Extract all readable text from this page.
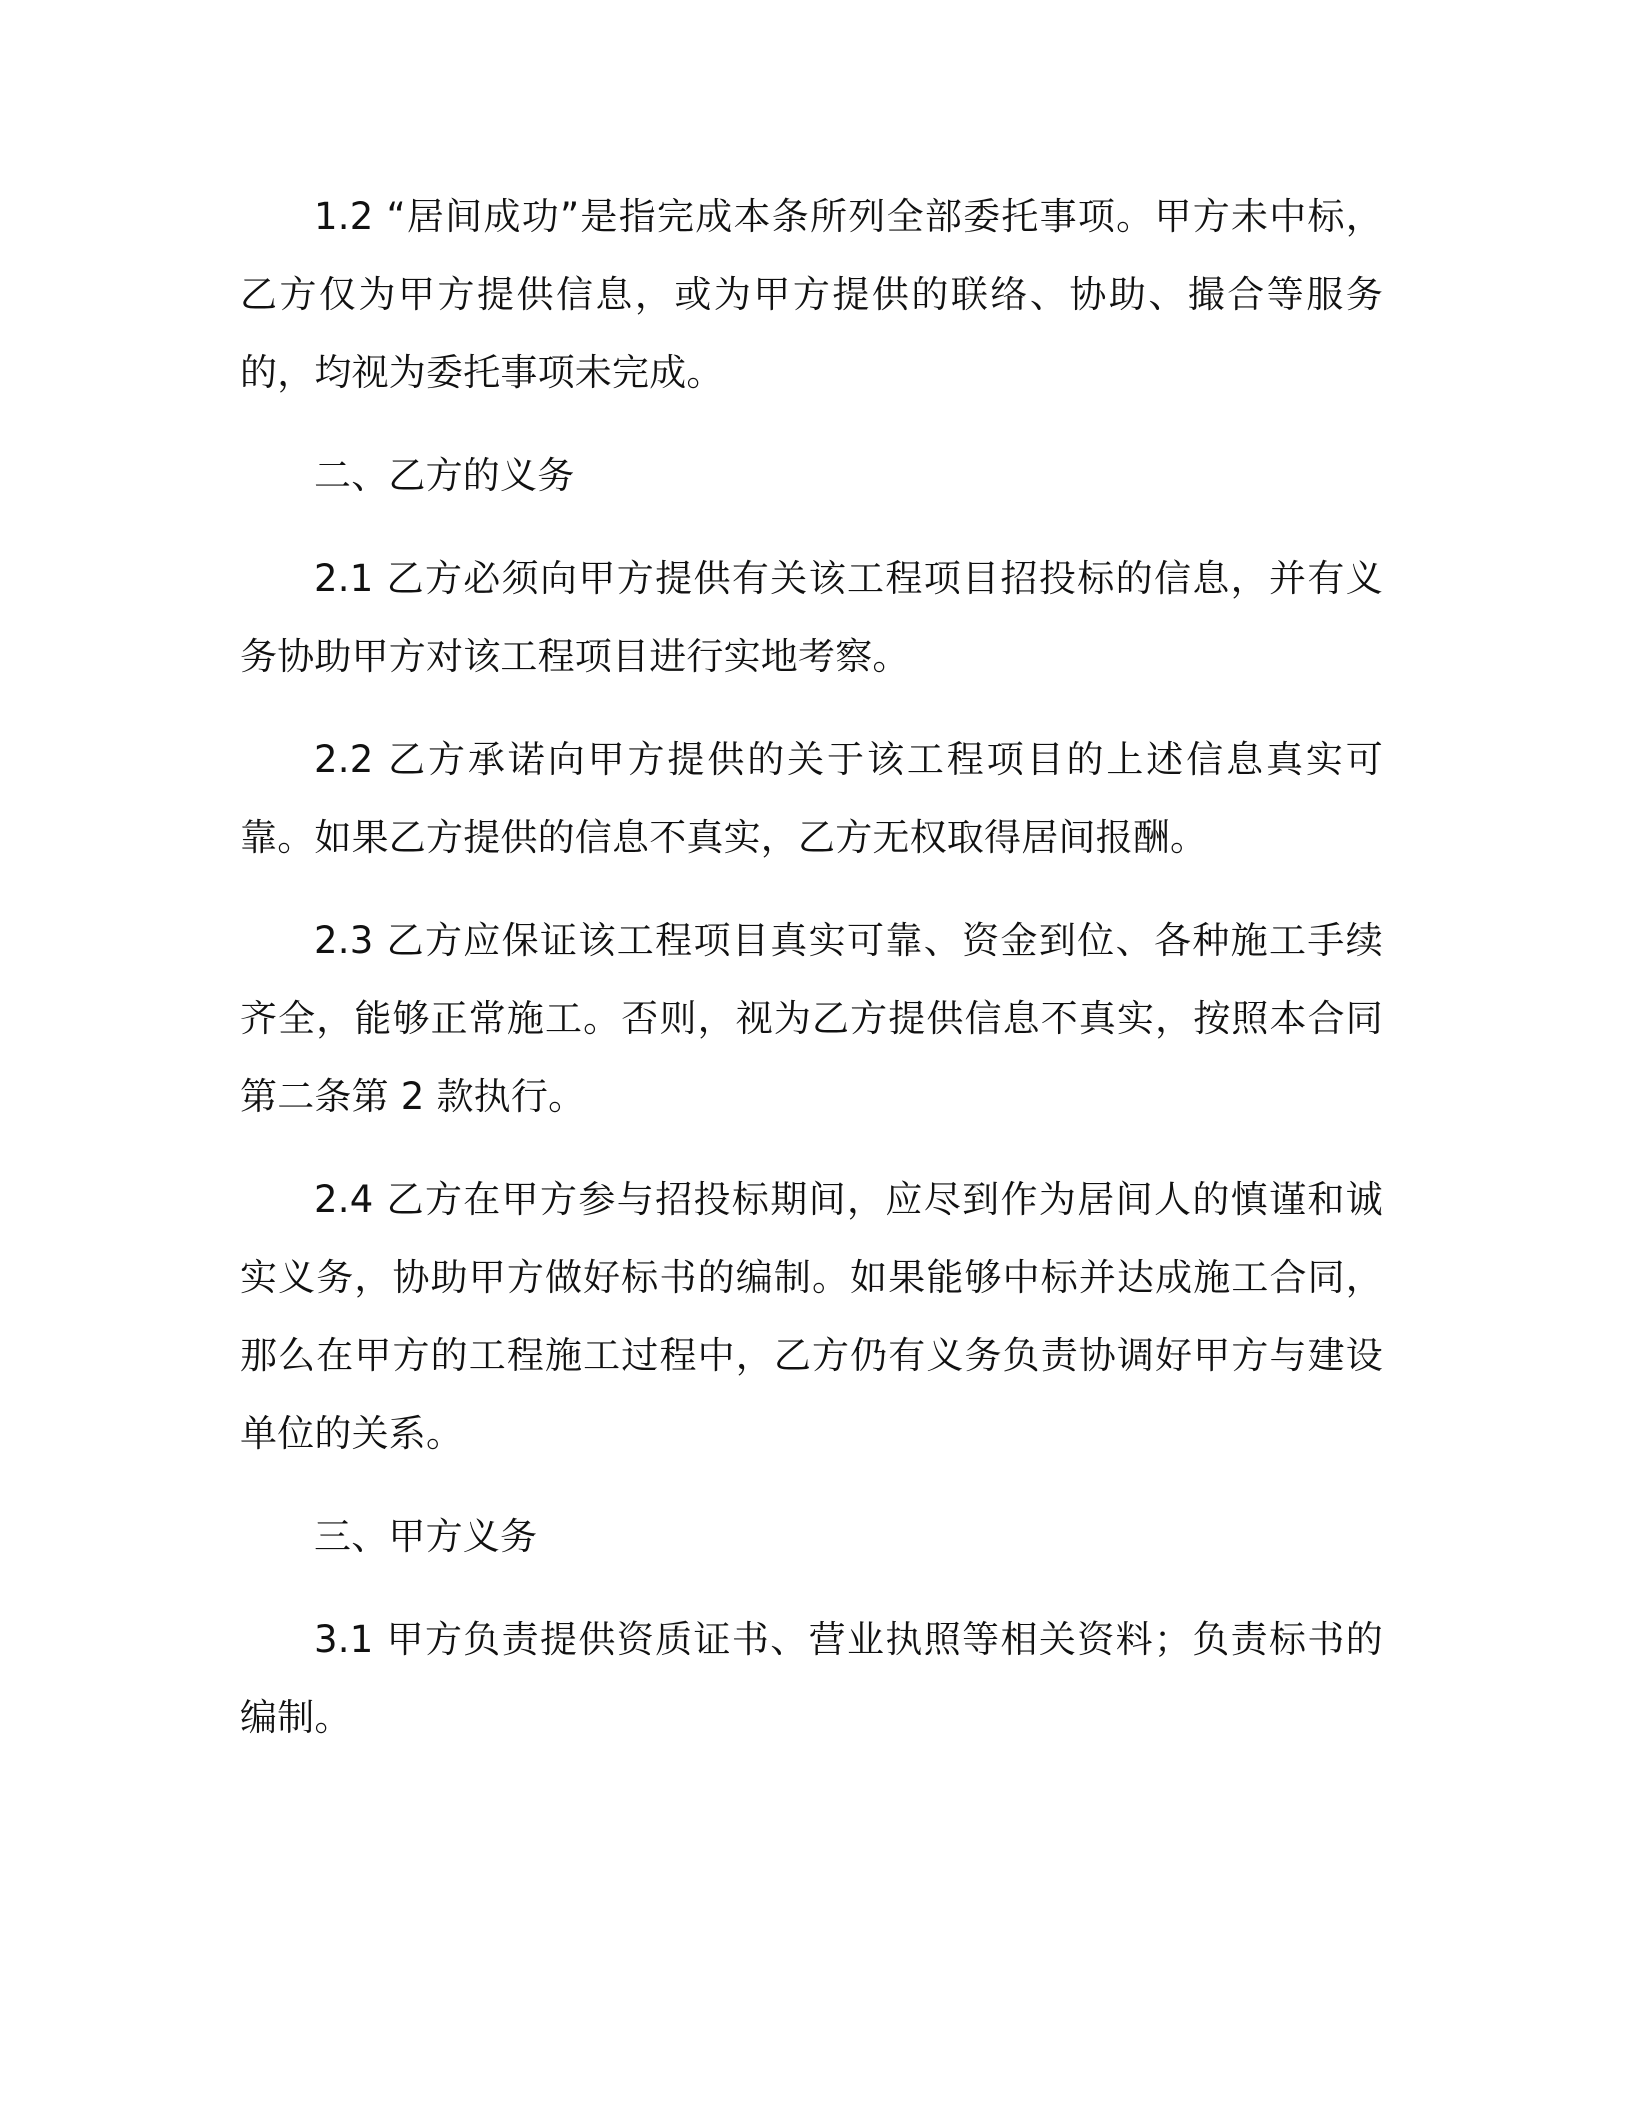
1.2 “居间成功”是指完成本条所列全部委托事项。甲方未中标，乙方仅为甲方提供信息，或为甲方提供的联络、协助、撮合等服务的，均视为委托事项未完成。

二、乙方的义务

2.1 乙方必须向甲方提供有关该工程项目招投标的信息，并有义务协助甲方对该工程项目进行实地考察。

2.2 乙方承诺向甲方提供的关于该工程项目的上述信息真实可靠。如果乙方提供的信息不真实，乙方无权取得居间报酬。

2.3 乙方应保证该工程项目真实可靠、资金到位、各种施工手续齐全，能够正常施工。否则，视为乙方提供信息不真实，按照本合同第二条第 2 款执行。

2.4 乙方在甲方参与招投标期间，应尽到作为居间人的慎谨和诚实义务，协助甲方做好标书的编制。如果能够中标并达成施工合同，那么在甲方的工程施工过程中，乙方仍有义务负责协调好甲方与建设单位的关系。

三、甲方义务

3.1 甲方负责提供资质证书、营业执照等相关资料；负责标书的编制。
